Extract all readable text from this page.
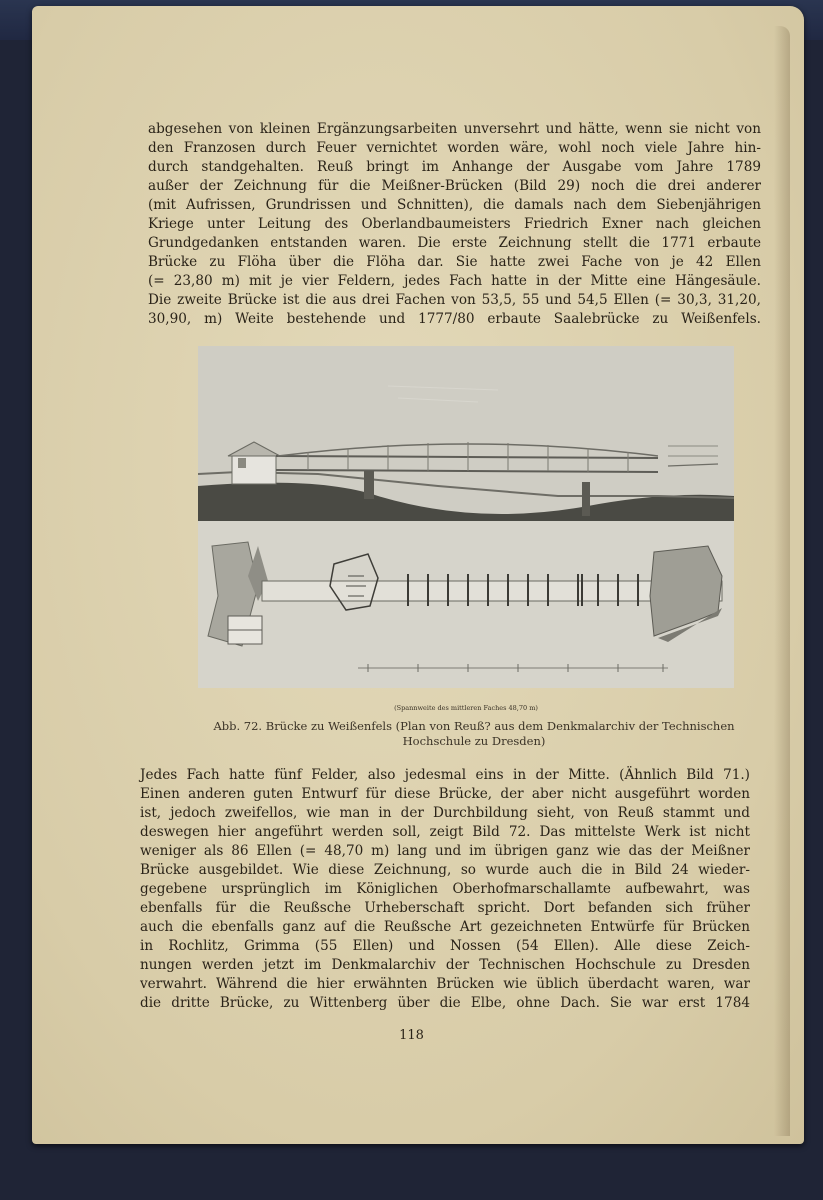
abgesehen von kleinen Ergänzungsarbeiten unversehrt und hätte, wenn sie nicht von
den Franzosen durch Feuer vernichtet worden wäre, wohl noch viele Jahre hin-
durch standgehalten. Reuß bringt im Anhange der Ausgabe vom Jahre 1789
außer der Zeichnung für die Meißner-Brücken (Bild 29) noch die drei anderer
(mit Aufrissen, Grundrissen und Schnitten), die damals nach dem Siebenjährigen
Kriege unter Leitung des Oberlandbaumeisters Friedrich Exner nach gleichen
Grundgedanken entstanden waren. Die erste Zeichnung stellt die 1771 erbaute
Brücke zu Flöha über die Flöha dar. Sie hatte zwei Fache von je 42 Ellen
(= 23,80 m) mit je vier Feldern, jedes Fach hatte in der Mitte eine Hängesäule.
Die zweite Brücke ist die aus drei Fachen von 53,5, 55 und 54,5 Ellen (= 30,3, 31,20,
30,90, m) Weite bestehende und 1777/80 erbaute Saalebrücke zu Weißenfels.
(Spannweite des mittleren Faches 48,70 m)
Abb. 72. Brücke zu Weißenfels (Plan von Reuß? aus dem Denkmalarchiv der Technischen
Hochschule zu Dresden)
Jedes Fach hatte fünf Felder, also jedesmal eins in der Mitte. (Ähnlich Bild 71.)
Einen anderen guten Entwurf für diese Brücke, der aber nicht ausgeführt worden
ist, jedoch zweifellos, wie man in der Durchbildung sieht, von Reuß stammt und
deswegen hier angeführt werden soll, zeigt Bild 72. Das mittelste Werk ist nicht
weniger als 86 Ellen (= 48,70 m) lang und im übrigen ganz wie das der Meißner
Brücke ausgebildet. Wie diese Zeichnung, so wurde auch die in Bild 24 wieder-
gegebene ursprünglich im Königlichen Oberhofmarschallamte aufbewahrt, was
ebenfalls für die Reußsche Urheberschaft spricht. Dort befanden sich früher
auch die ebenfalls ganz auf die Reußsche Art gezeichneten Entwürfe für Brücken
in Rochlitz, Grimma (55 Ellen) und Nossen (54 Ellen). Alle diese Zeich-
nungen werden jetzt im Denkmalarchiv der Technischen Hochschule zu Dresden
verwahrt. Während die hier erwähnten Brücken wie üblich überdacht waren, war
die dritte Brücke, zu Wittenberg über die Elbe, ohne Dach. Sie war erst 1784
118
